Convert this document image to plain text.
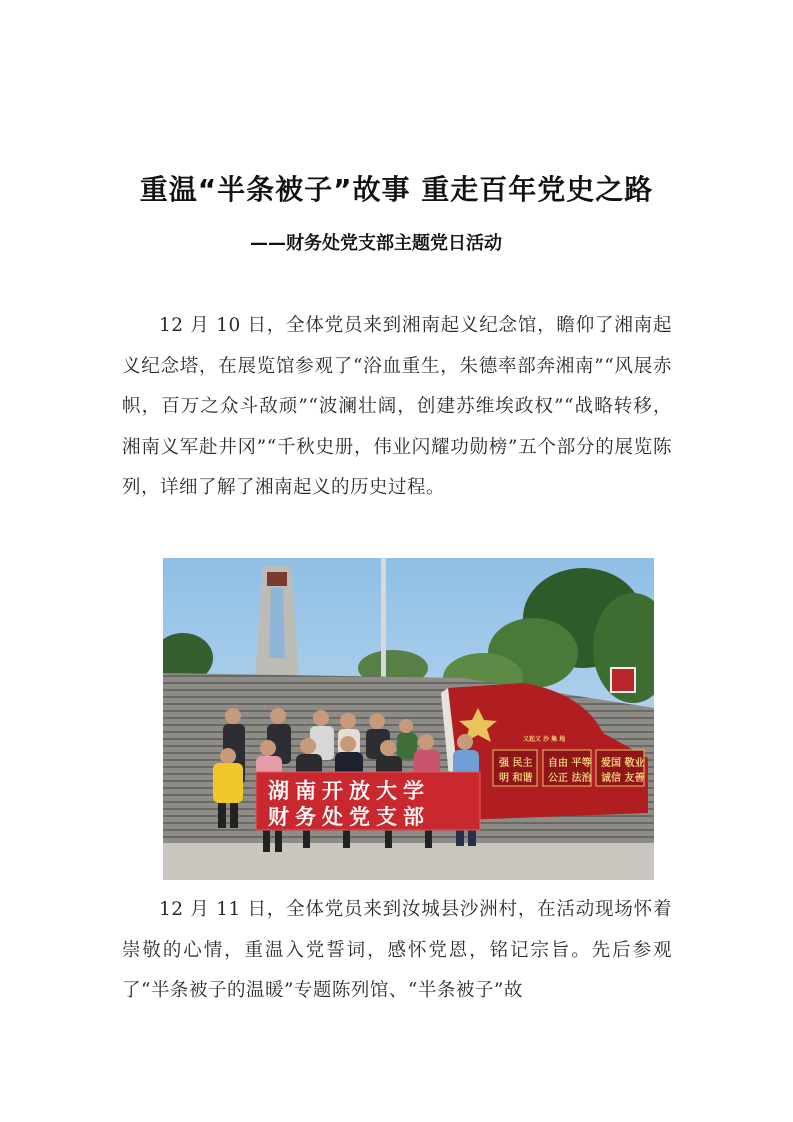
重温“半条被子”故事 重走百年党史之路
——财务处党支部主题党日活动

12 月 10 日，全体党员来到湘南起义纪念馆，瞻仰了湘南起义纪念塔，在展览馆参观了“浴血重生，朱德率部奔湘南”“风展赤帜，百万之众斗敌顽”“波澜壮阔，创建苏维埃政权”“战略转移，湘南义军赴井冈”“千秋史册，伟业闪耀功勋榜”五个部分的展览陈列，详细了解了湘南起义的历史过程。

强 民主
明 和谐
自由 平等
公正 法治
爱国 敬业
诚信 友善
义起义 沙 集 地
湖南开放大学
财务处党支部

12 月 11 日，全体党员来到汝城县沙洲村，在活动现场怀着崇敬的心情，重温入党誓词，感怀党恩，铭记宗旨。先后参观了“半条被子的温暖”专题陈列馆、“半条被子”故
